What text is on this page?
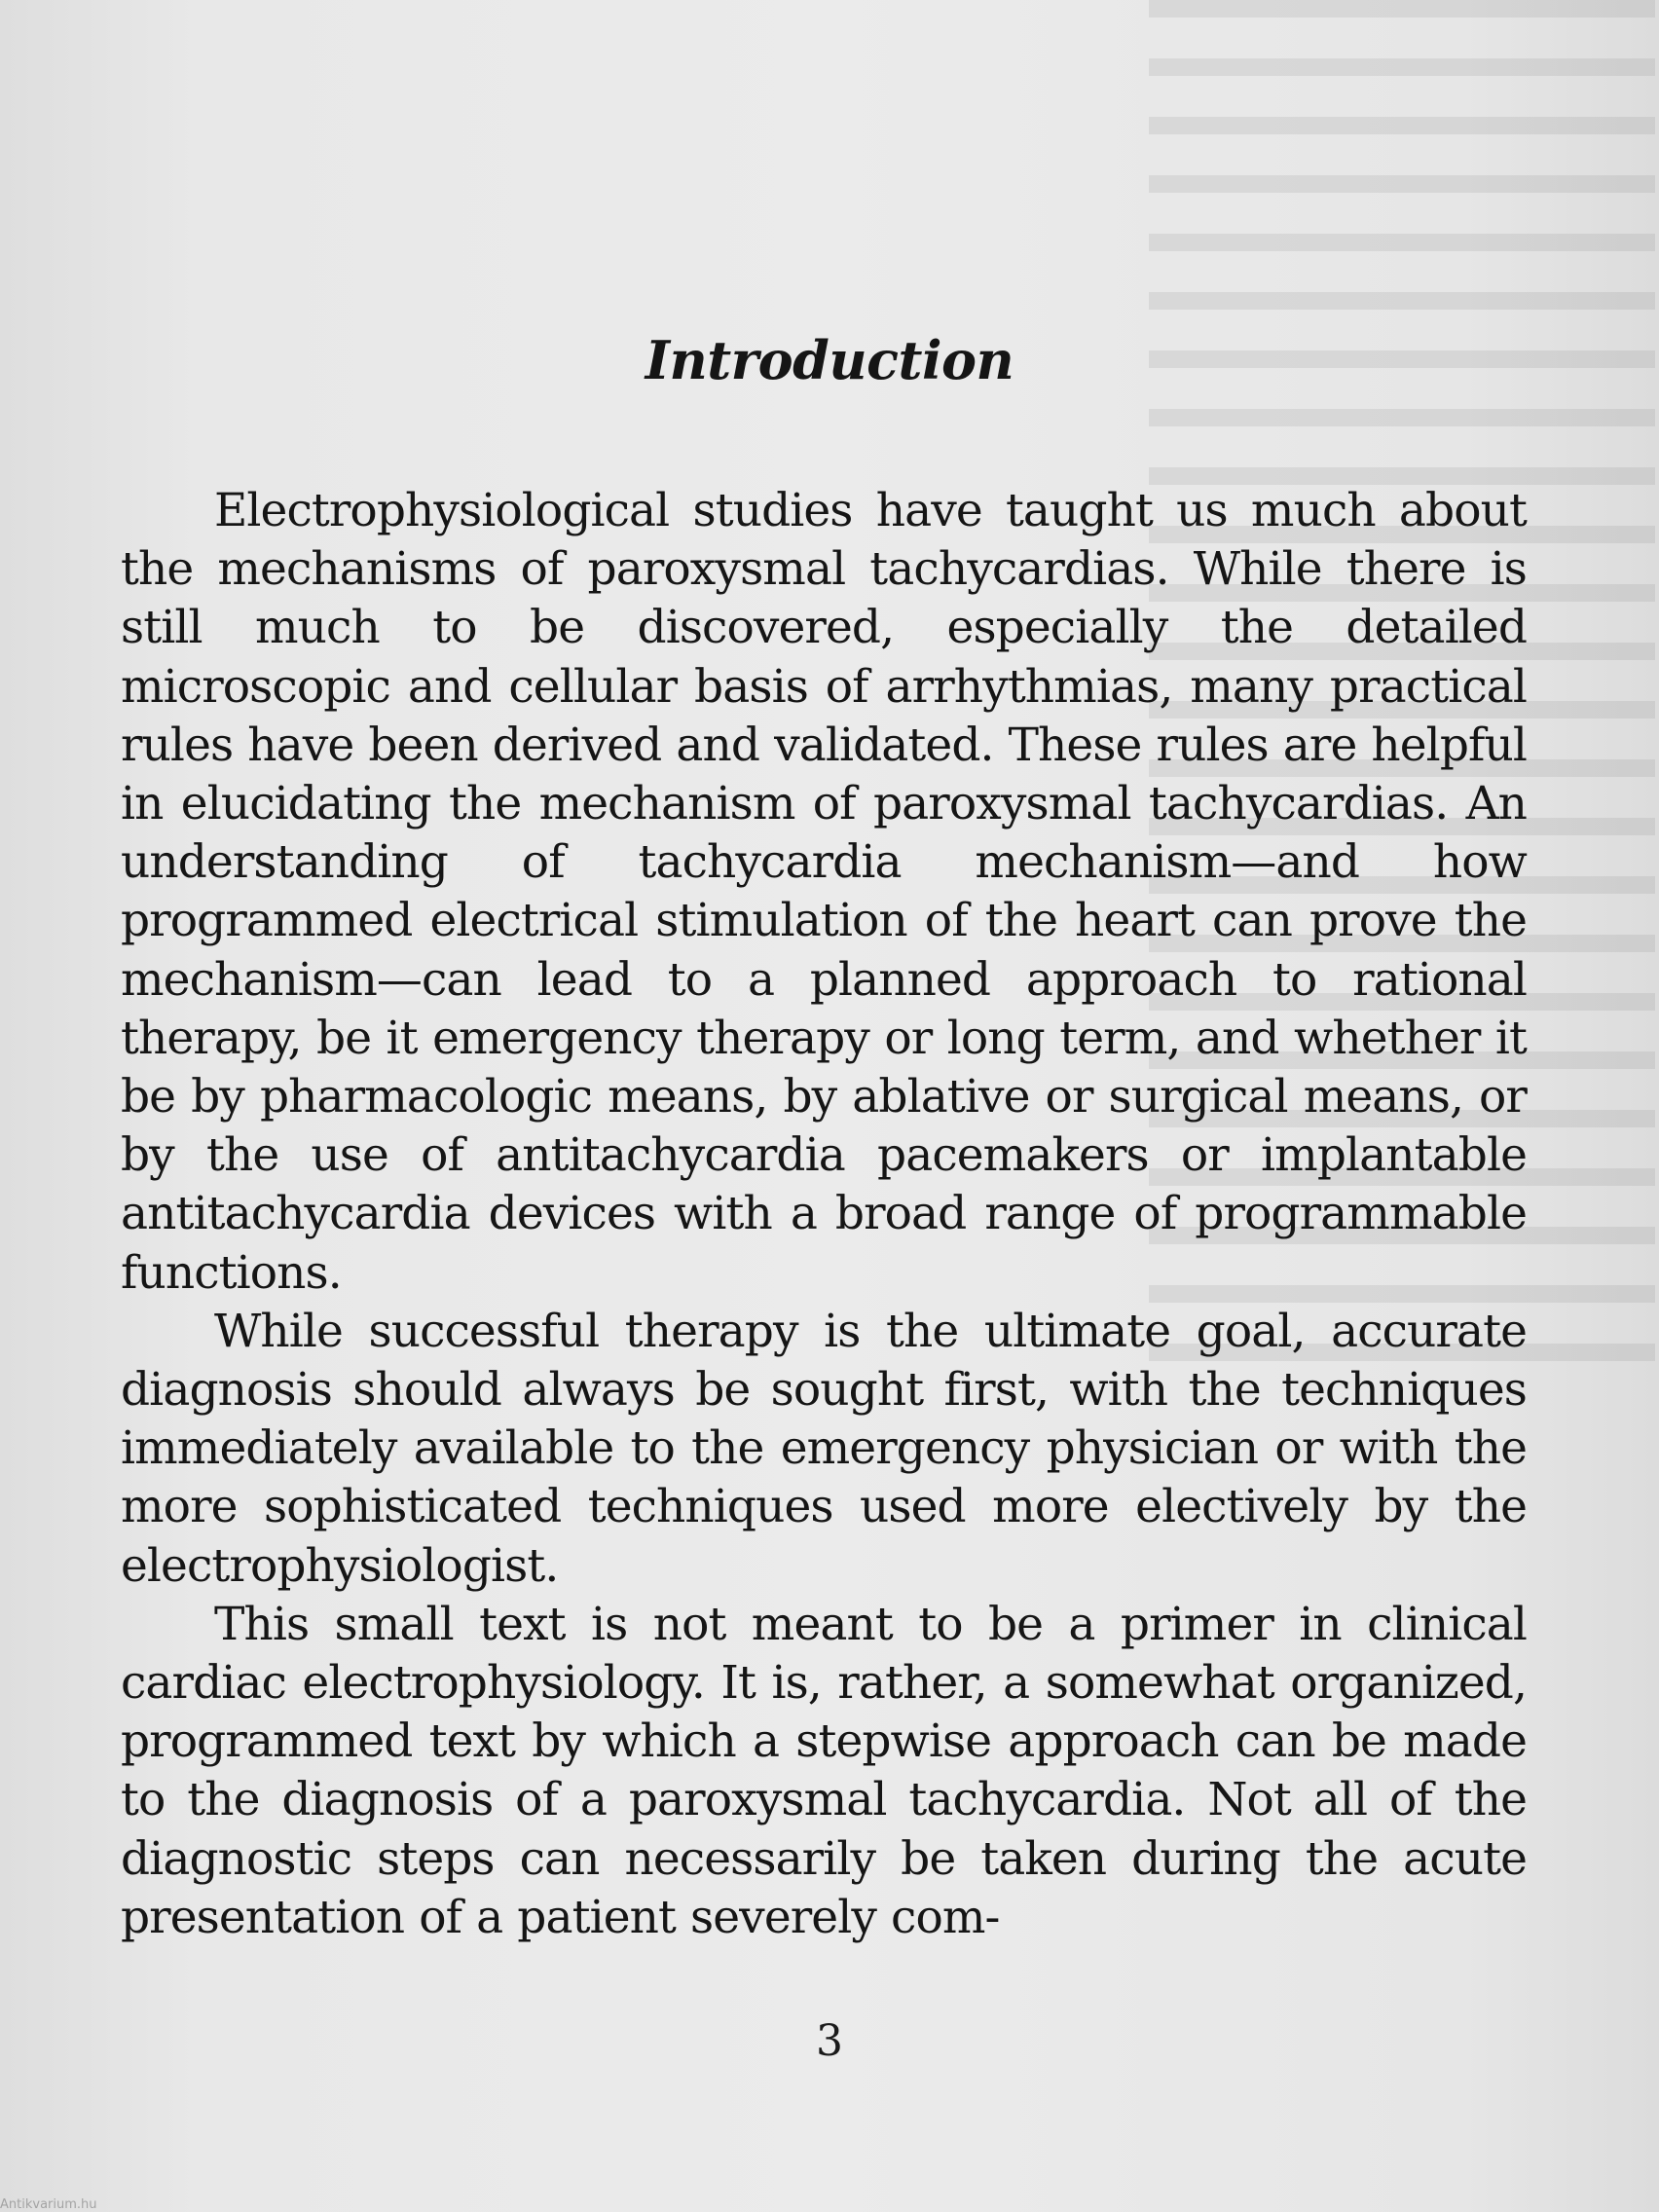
Introduction

Electrophysiological studies have taught us much about the mechanisms of paroxysmal tachycardias. While there is still much to be discovered, especially the detailed microscopic and cellular basis of arrhythmias, many practical rules have been derived and validated. These rules are helpful in elucidating the mechanism of paroxysmal tachycardias. An understanding of tachycardia mechanism—and how programmed electrical stimulation of the heart can prove the mechanism—can lead to a planned approach to rational therapy, be it emergency therapy or long term, and whether it be by pharmacologic means, by ablative or surgical means, or by the use of antitachycardia pacemakers or implantable antitachycardia devices with a broad range of programmable functions.

While successful therapy is the ultimate goal, accurate diagnosis should always be sought first, with the techniques immediately available to the emergency physician or with the more sophisticated techniques used more electively by the electrophysiologist.

This small text is not meant to be a primer in clinical cardiac electrophysiology. It is, rather, a somewhat organized, programmed text by which a stepwise approach can be made to the diagnosis of a paroxysmal tachycardia. Not all of the diagnostic steps can necessarily be taken during the acute presentation of a patient severely com-

3
Antikvarium.hu
